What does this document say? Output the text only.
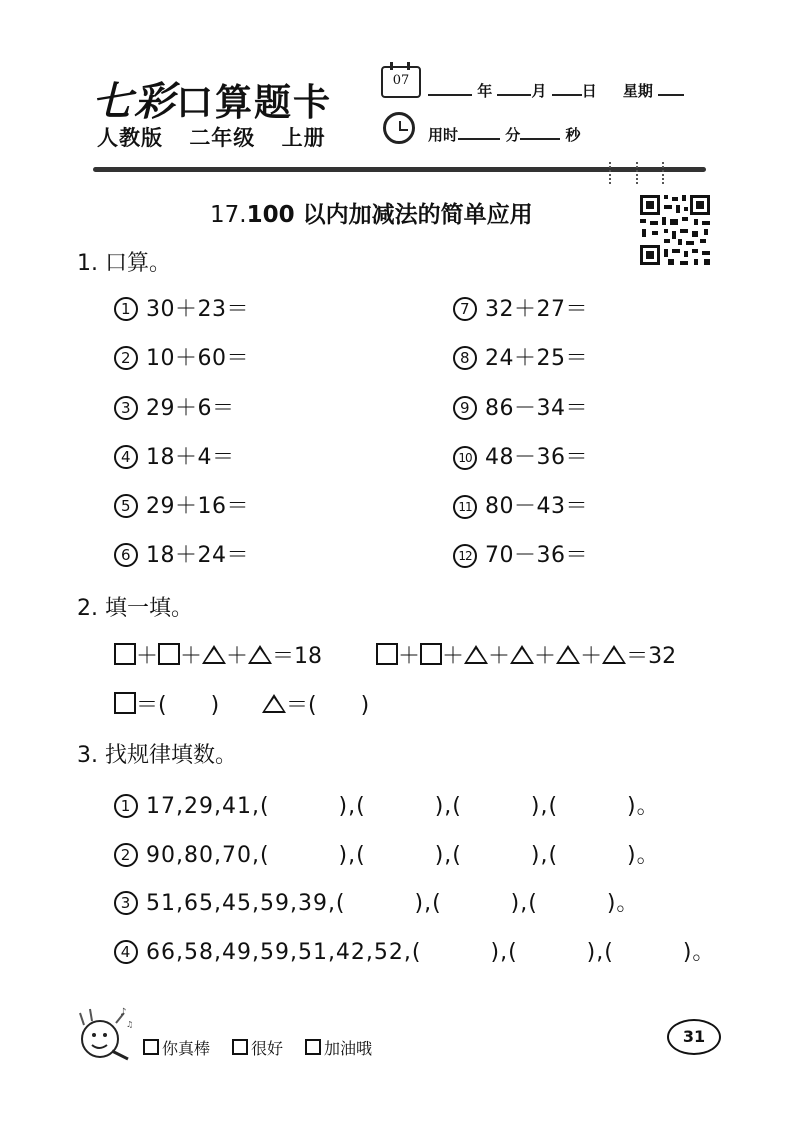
七彩口算题卡
人教版 二年级 上册
07
年	月 日 星期
用时	分	秒
17.100 以内加减法的简单应用
1. 口算。
1 30＋23＝
2 10＋60＝
3 29＋6＝
4 18＋4＝
5 29＋16＝
6 18＋24＝
7 32＋27＝
8 24＋25＝
9 86－34＝
10 48－36＝
11 80－43＝
12 70－36＝
2. 填一填。
＋ ＋ ＋ ＝18	＋ ＋ ＋ ＋ ＋ ＝32
＝(　　)	＝(　　)
3. 找规律填数。
1 17,29,41,(　　　),(　　　),(　　　),(　　　)。
2 90,80,70,(　　　),(　　　),(　　　),(　　　)。
3 51,65,45,59,39,(　　　),(　　　),(　　　)。
4 66,58,49,59,51,42,52,(　　　),(　　　),(　　　)。
♪
♫
你真棒	很好	加油哦
31
